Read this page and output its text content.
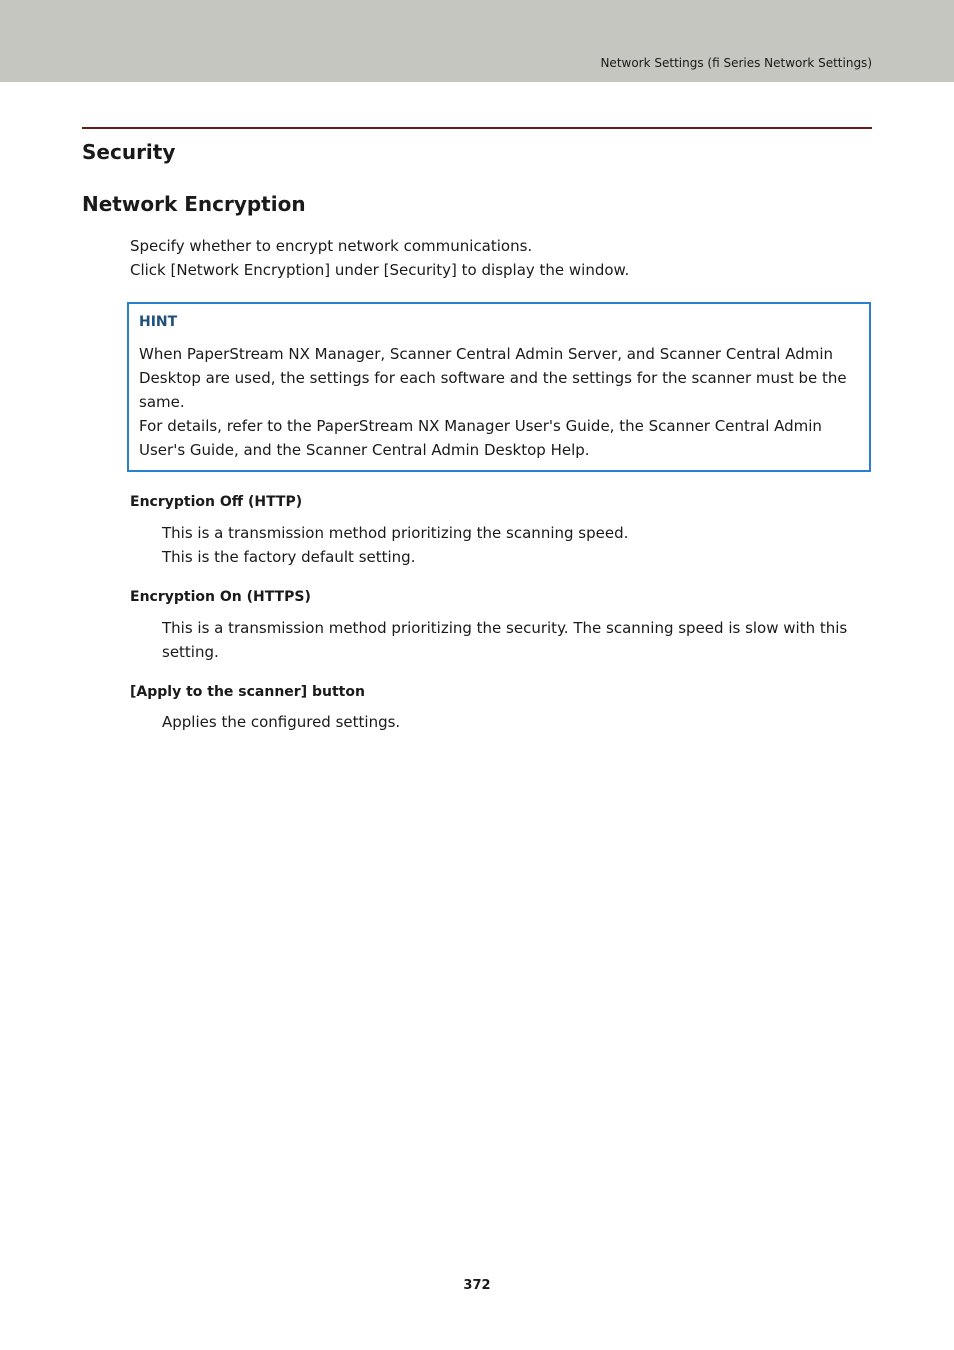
Network Settings (fi Series Network Settings)
Security
Network Encryption

Specify whether to encrypt network communications.

Click [Network Encryption] under [Security] to display the window.

HINT

When PaperStream NX Manager, Scanner Central Admin Server, and Scanner Central Admin Desktop are used, the settings for each software and the settings for the scanner must be the same.

For details, refer to the PaperStream NX Manager User's Guide, the Scanner Central Admin User's Guide, and the Scanner Central Admin Desktop Help.

Encryption Off (HTTP)

This is a transmission method prioritizing the scanning speed.

This is the factory default setting.

Encryption On (HTTPS)

This is a transmission method prioritizing the security. The scanning speed is slow with this setting.

[Apply to the scanner] button

Applies the configured settings.

372
